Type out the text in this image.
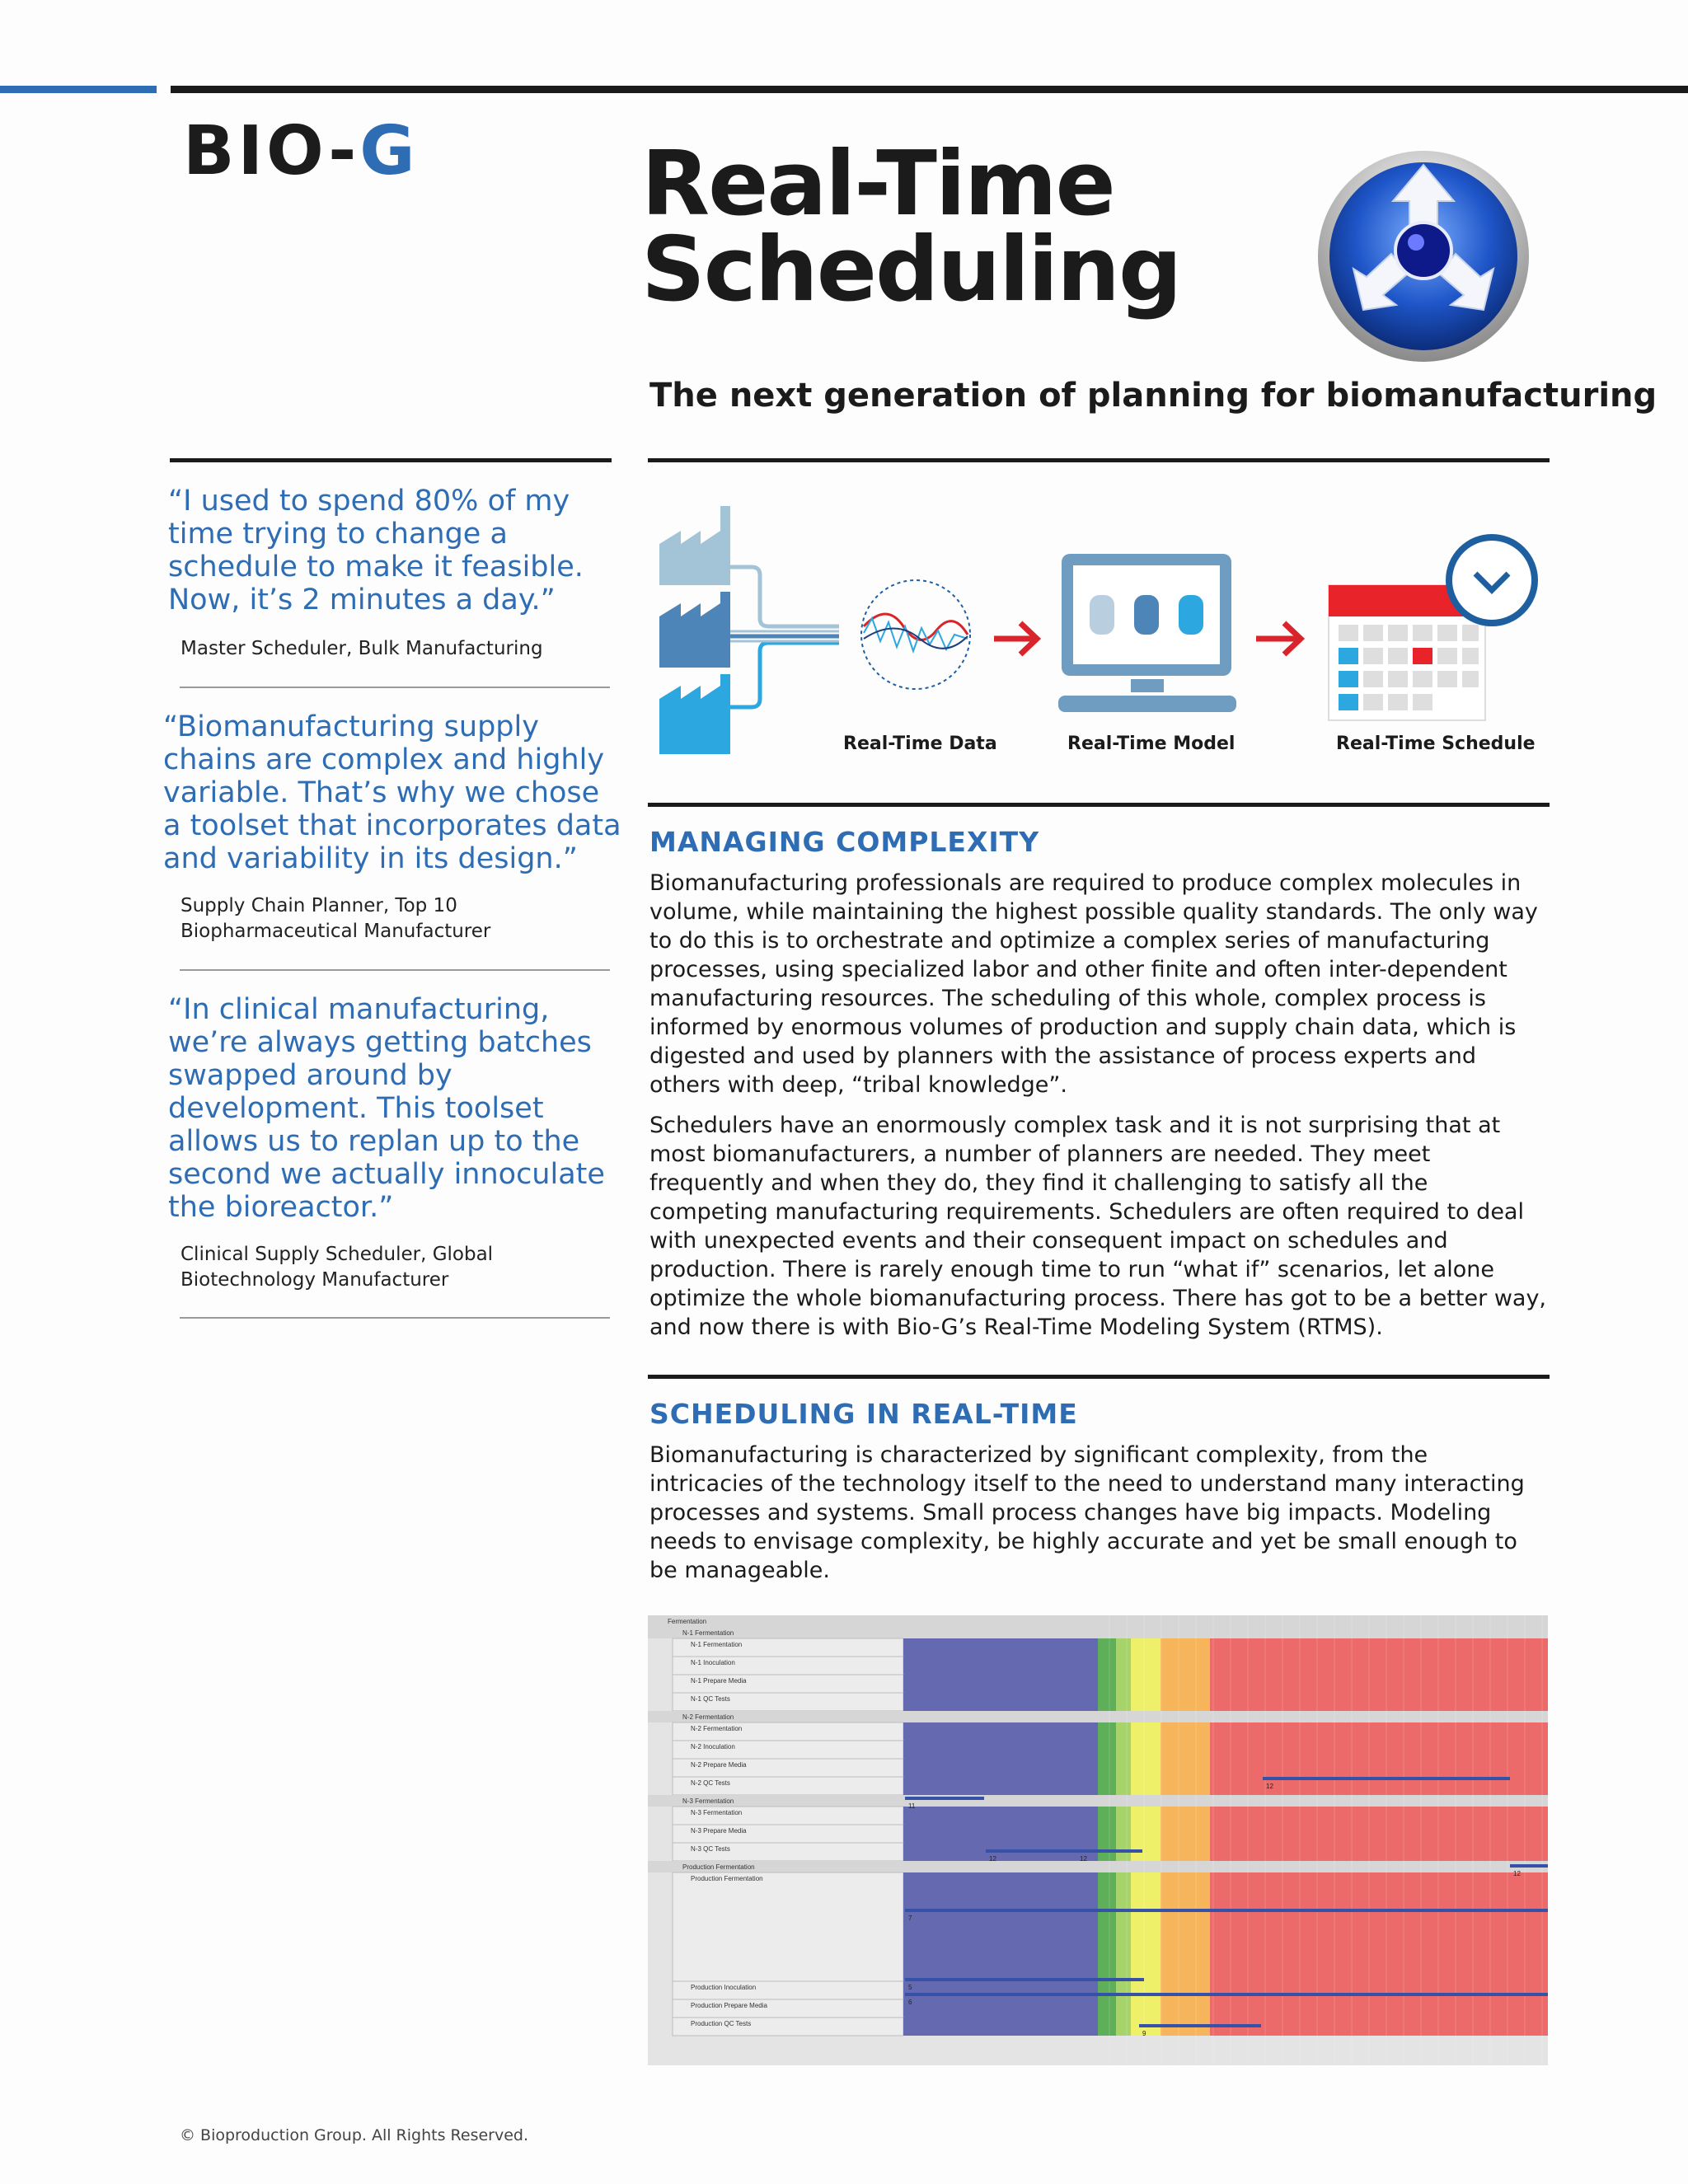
BIO-G	Real-Time
Scheduling
The next generation of planning for biomanufacturing
“I used to spend 80% of my time trying to change a schedule to make it feasible. Now, it’s 2 minutes a day.”
Master Scheduler, Bulk Manufacturing
“Biomanufacturing supply chains are complex and highly variable. That’s why we chose a toolset that incorporates data and variability in its design.”
Supply Chain Planner, Top 10 Biopharmaceutical Manufacturer
“In clinical manufacturing, we’re always getting batches swapped around by development. This toolset allows us to replan up to the second we actually innoculate the bioreactor.”
Clinical Supply Scheduler, Global Biotechnology Manufacturer
Real-Time Data	Real-Time Model	Real-Time Schedule
MANAGING COMPLEXITY

Biomanufacturing professionals are required to produce complex molecules in volume, while maintaining the highest possible quality standards. The only way to do this is to orchestrate and optimize a complex series of manufacturing processes, using specialized labor and other finite and often inter-dependent manufacturing resources. The scheduling of this whole, complex process is informed by enormous volumes of production and supply chain data, which is digested and used by planners with the assistance of process experts and others with deep, “tribal knowledge”.

Schedulers have an enormously complex task and it is not surprising that at most biomanufacturers, a number of planners are needed. They meet frequently and when they do, they find it challenging to satisfy all the competing manufacturing requirements. Schedulers are often required to deal with unexpected events and their consequent impact on schedules and production. There is rarely enough time to run “what if” scenarios, let alone optimize the whole biomanufacturing process. There has got to be a better way, and now there is with Bio-G’s Real-Time Modeling System (RTMS).

SCHEDULING IN REAL-TIME

Biomanufacturing is characterized by significant complexity, from the intricacies of the technology itself to the need to understand many interacting processes and systems. Small process changes have big impacts. Modeling needs to envisage complexity, be highly accurate and yet be small enough to be manageable.

Fermentation
N-1 Fermentation
N-1 Fermentation
N-1 Inoculation
N-1 Prepare Media
N-1 QC Tests
N-2 Fermentation
N-2 Fermentation
N-2 Inoculation
N-2 Prepare Media
N-2 QC Tests
N-3 Fermentation
N-3 Fermentation
N-3 Prepare Media
N-3 QC Tests
Production Fermentation
Production Fermentation
Production Inoculation
Production Prepare Media
Production QC Tests
12
11
12
12
12
7
5
6
9
© Bioproduction Group. All Rights Reserved.
